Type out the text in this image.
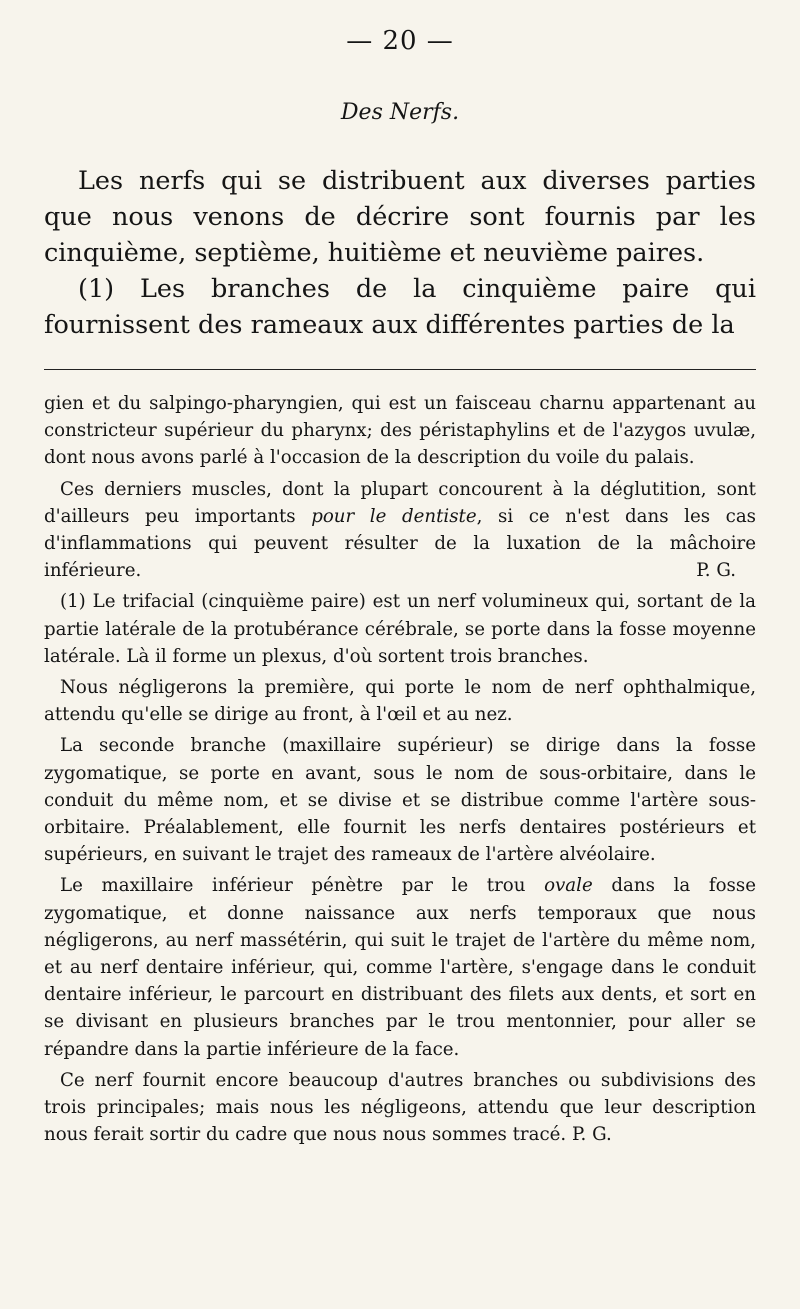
— 20 —
Des Nerfs.

Les nerfs qui se distribuent aux diverses parties que nous venons de décrire sont fournis par les cinquième, septième, huitième et neuvième paires.

(1) Les branches de la cinquième paire qui fournissent des rameaux aux différentes parties de la

gien et du salpingo-pharyngien, qui est un faisceau charnu appartenant au constricteur supérieur du pharynx; des péristaphylins et de l'azygos uvulæ, dont nous avons parlé à l'occasion de la description du voile du palais.

Ces derniers muscles, dont la plupart concourent à la déglutition, sont d'ailleurs peu importants pour le dentiste, si ce n'est dans les cas d'inflammations qui peuvent résulter de la luxation de la mâchoire inférieure.	P. G.

(1) Le trifacial (cinquième paire) est un nerf volumineux qui, sortant de la partie latérale de la protubérance cérébrale, se porte dans la fosse moyenne latérale. Là il forme un plexus, d'où sortent trois branches.

Nous négligerons la première, qui porte le nom de nerf ophthalmique, attendu qu'elle se dirige au front, à l'œil et au nez.

La seconde branche (maxillaire supérieur) se dirige dans la fosse zygomatique, se porte en avant, sous le nom de sous-orbitaire, dans le conduit du même nom, et se divise et se distribue comme l'artère sous-orbitaire. Préalablement, elle fournit les nerfs dentaires postérieurs et supérieurs, en suivant le trajet des rameaux de l'artère alvéolaire.

Le maxillaire inférieur pénètre par le trou ovale dans la fosse zygomatique, et donne naissance aux nerfs temporaux que nous négligerons, au nerf massétérin, qui suit le trajet de l'artère du même nom, et au nerf dentaire inférieur, qui, comme l'artère, s'engage dans le conduit dentaire inférieur, le parcourt en distribuant des filets aux dents, et sort en se divisant en plusieurs branches par le trou mentonnier, pour aller se répandre dans la partie inférieure de la face.

Ce nerf fournit encore beaucoup d'autres branches ou subdivisions des trois principales; mais nous les négligeons, attendu que leur description nous ferait sortir du cadre que nous nous sommes tracé. P. G.
